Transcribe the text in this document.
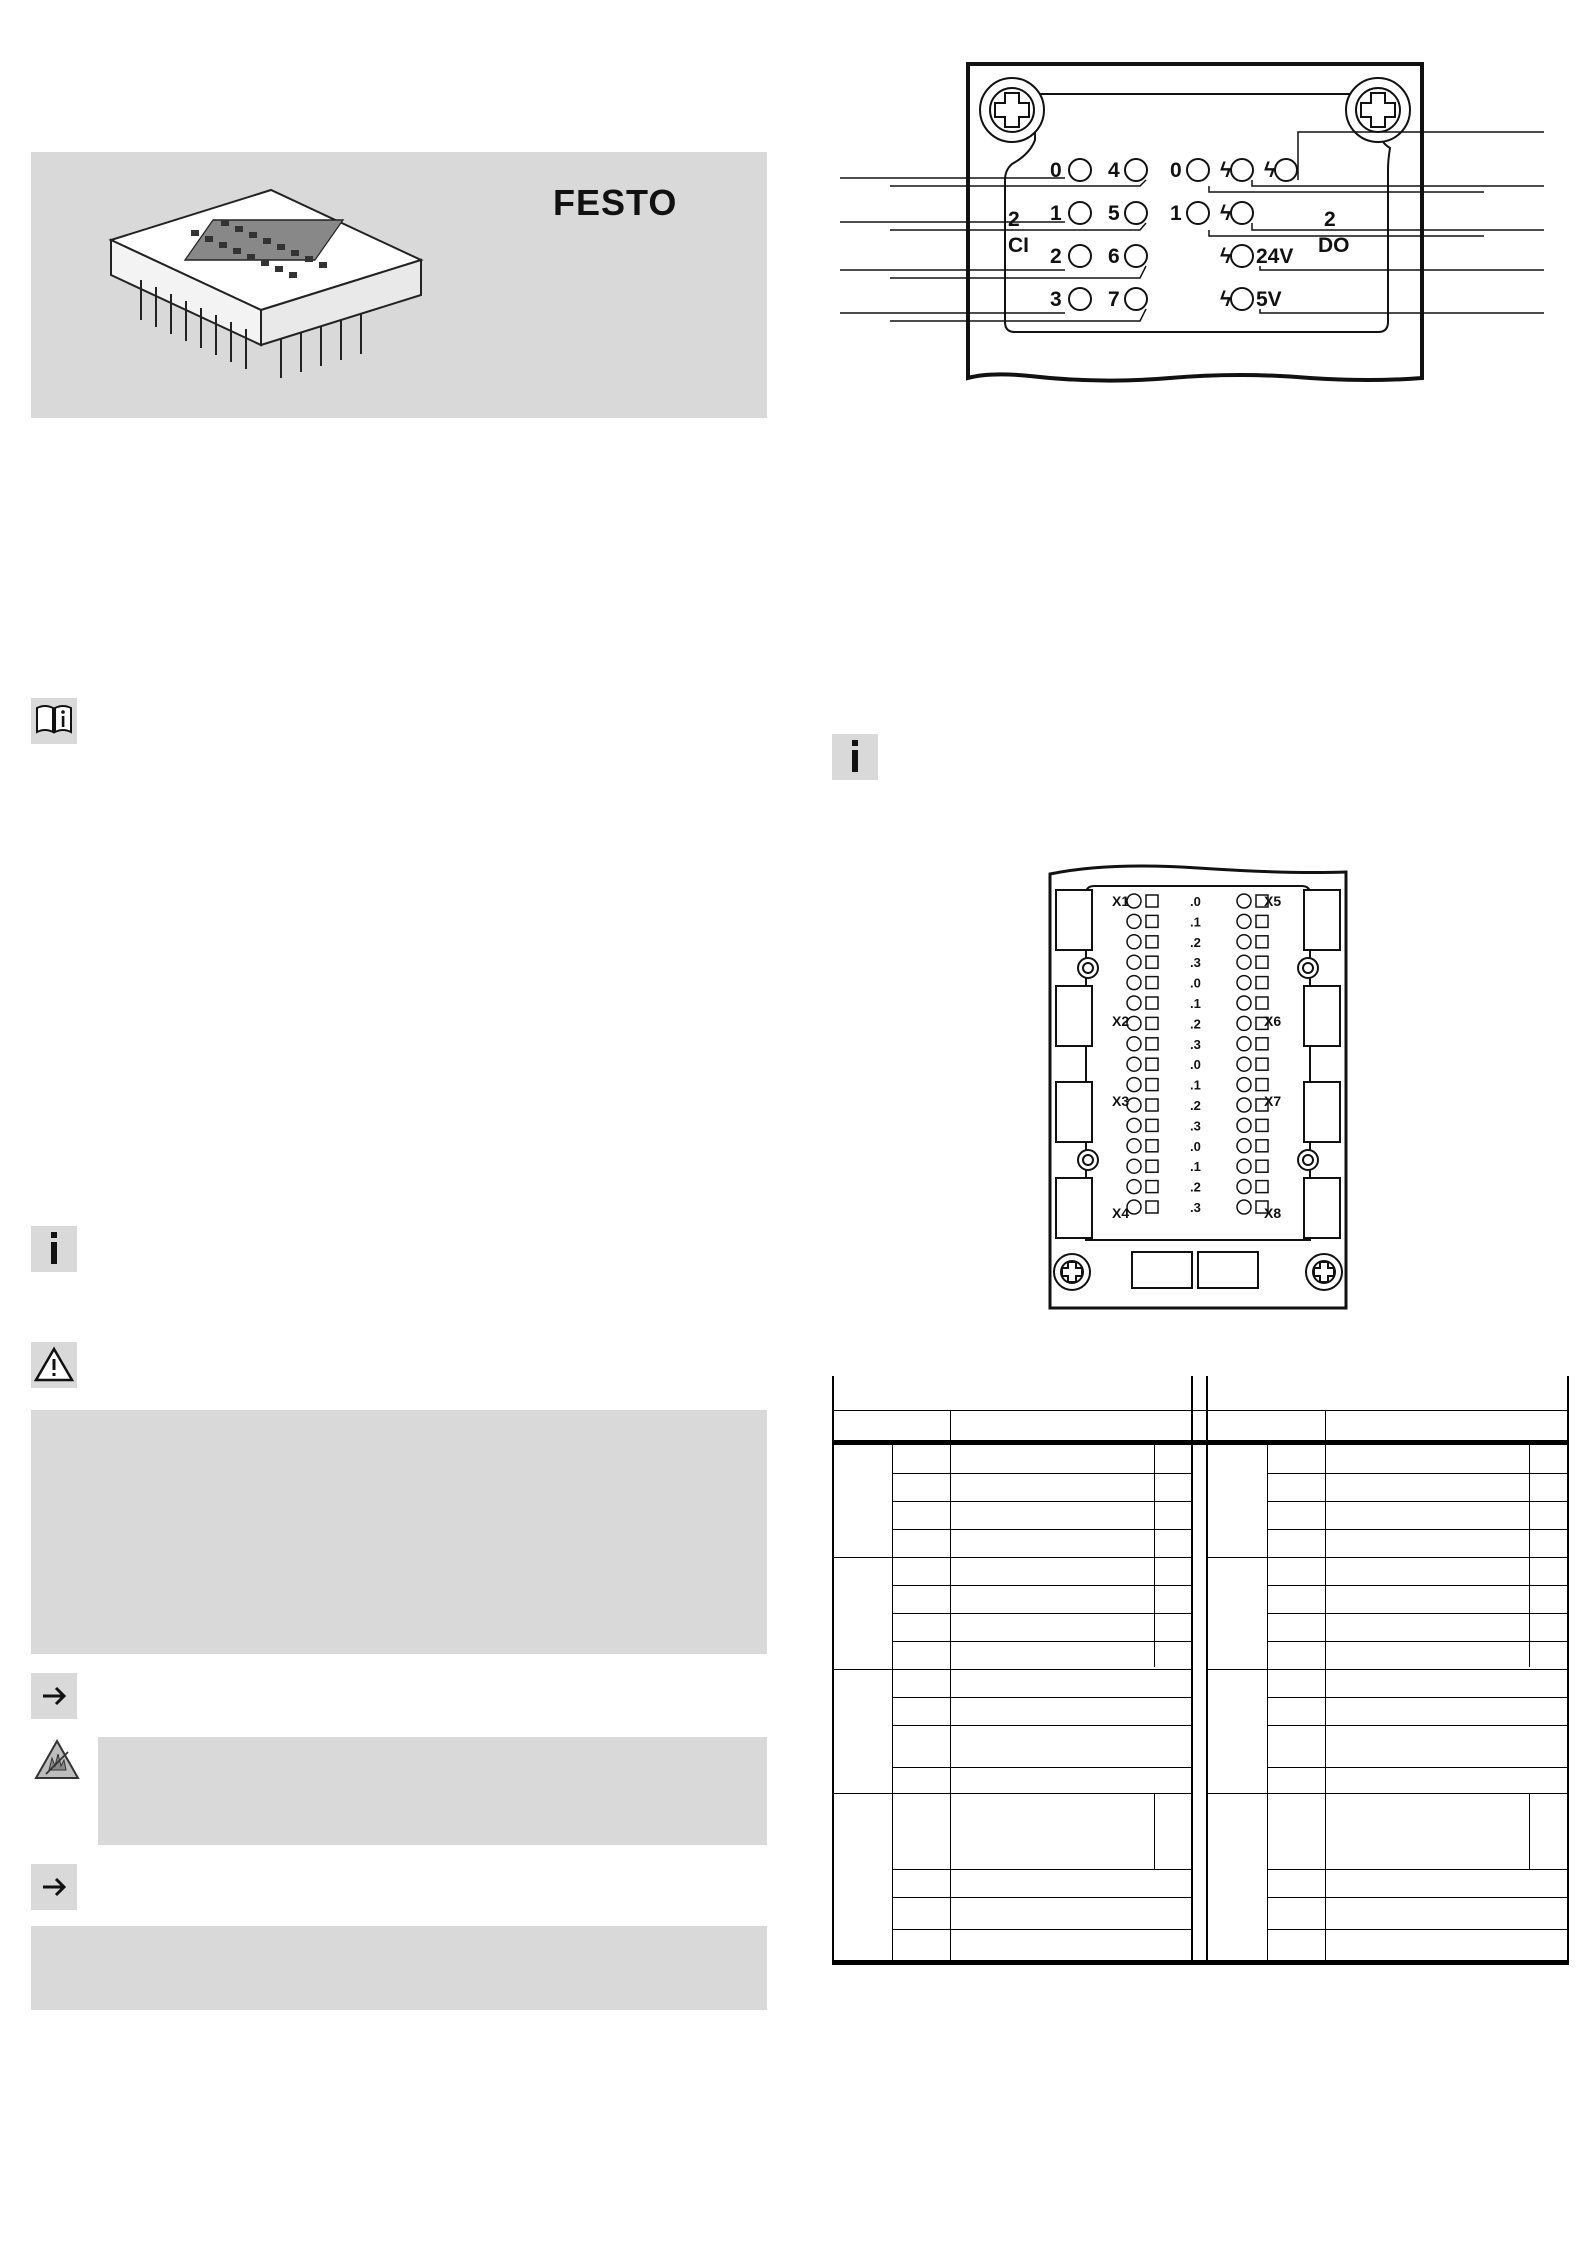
FESTO
0 4
1 5
2 6
3 7
2
CI
0 ϟ ϟ
1 ϟ
ϟ 24V
ϟ 5V
2
DO
X1
X2
X3
X4
X5
X6
X7
X8
.0
.1
.2
.3
.0
.1
.2
.3
.0
.1
.2
.3
.0
.1
.2
.3
